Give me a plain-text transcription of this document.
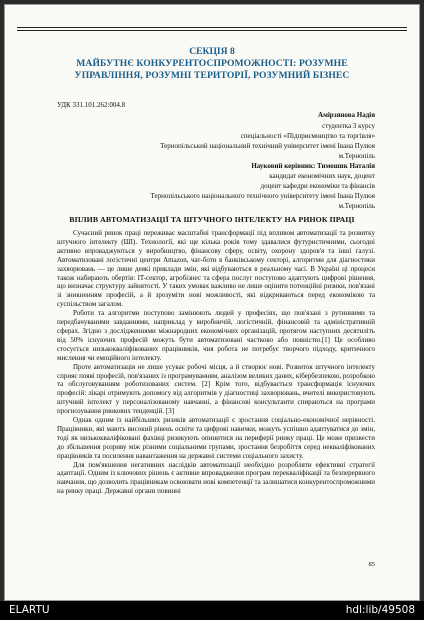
СЕКЦІЯ 8
МАЙБУТНЄ КОНКУРЕНТОСПРОМОЖНОСТІ: РОЗУМНЕ
УПРАВЛІННЯ, РОЗУМНІ ТЕРИТОРІЇ, РОЗУМНИЙ БІЗНЕС
УДК 331.101.262:004.8
Амірзянова Надія
студентка 3 курсу
спеціальності «Підприємництво та торгівля»
Тернопільський національний технічний університет імені Івана Пулюя
м.Тернопіль
Науковий керівник: Тимошик Наталія
кандидат економічних наук, доцент
доцент кафедри економіки та фінансів
Тернопільського національного технічного університету імені Івана Пулюя
м.Тернопіль
ВПЛИВ АВТОМАТИЗАЦІЇ ТА ШТУЧНОГО ІНТЕЛЕКТУ НА РИНОК ПРАЦІ

Сучасний ринок праці переживає масштабні трансформації під впливом автоматизації та розвитку штучного інтелекту (ШІ). Технології, які ще кілька років тому здавалися футуристичними, сьогодні активно впроваджуються у виробництво, фінансову сферу, освіту, охорону здоров'я та інші галузі. Автоматизовані логістичні центри Amazon, чат-боти в банківському секторі, алгоритми для діагностики захворювань — це лише деякі приклади змін, які відбуваються в реальному часі. В Україні ці процеси також набирають обертів: IT-сектор, агробізнес та сфера послуг поступово адаптують цифрові рішення, що визначає структуру зайнятості. У таких умовах важливо не лише оцінити потенційні ризики, пов'язані зі зникненням професій, а й зрозуміти нові можливості, які відкриваються перед економікою та суспільством загалом.

Роботи та алгоритми поступово замінюють людей у професіях, що пов'язані з рутинними та передбачуваними завданнями, наприклад у виробничій, логістичній, фінансовій та адміністративній сферах. Згідно з дослідженнями міжнародних економічних організацій, протягом наступних десятиліть від 50% існуючих професій можуть бути автоматизовані частково або повністю.[1] Це особливо стосується низькокваліфікованих працівників, чия робота не потребує творчого підходу, критичного мислення чи емоційного інтелекту.

Проте автоматизація не лише усуває робочі місця, а й створює нові. Розвиток штучного інтелекту сприяє появі професій, пов'язаних із програмуванням, аналізом великих даних, кібербезпекою, розробкою та обслуговуванням роботизованих систем. [2] Крім того, відбувається трансформація існуючих професій: лікарі отримують допомогу від алгоритмів у діагностиці захворювань, вчителі використовують штучний інтелект у персоналізованому навчанні, а фінансові консультанти спираються на програми прогнозування ринкових тенденцій. [3]

Однак одним із найбільших ризиків автоматизації є зростання соціально-економічної нерівності. Працівники, які мають високий рівень освіти та цифрові навички, можуть успішно адаптуватися до змін, тоді як низькокваліфіковані фахівці ризикують опинитися на периферії ринку праці. Це може призвести до збільшення розриву між різними соціальними групами, зростання безробіття серед некваліфікованих працівників та посилення навантаження на державні системи соціального захисту.

Для пом'якшення негативних наслідків автоматизації необхідно розробляти ефективні стратегії адаптації. Одним із ключових рішень є активне впровадження програм перекваліфікації та безперервного навчання, що дозволить працівникам освоювати нові компетенції та залишатися конкурентоспроможними на ринку праці. Державні органи повинні

85
ELARTU	hdl:lib/49508
